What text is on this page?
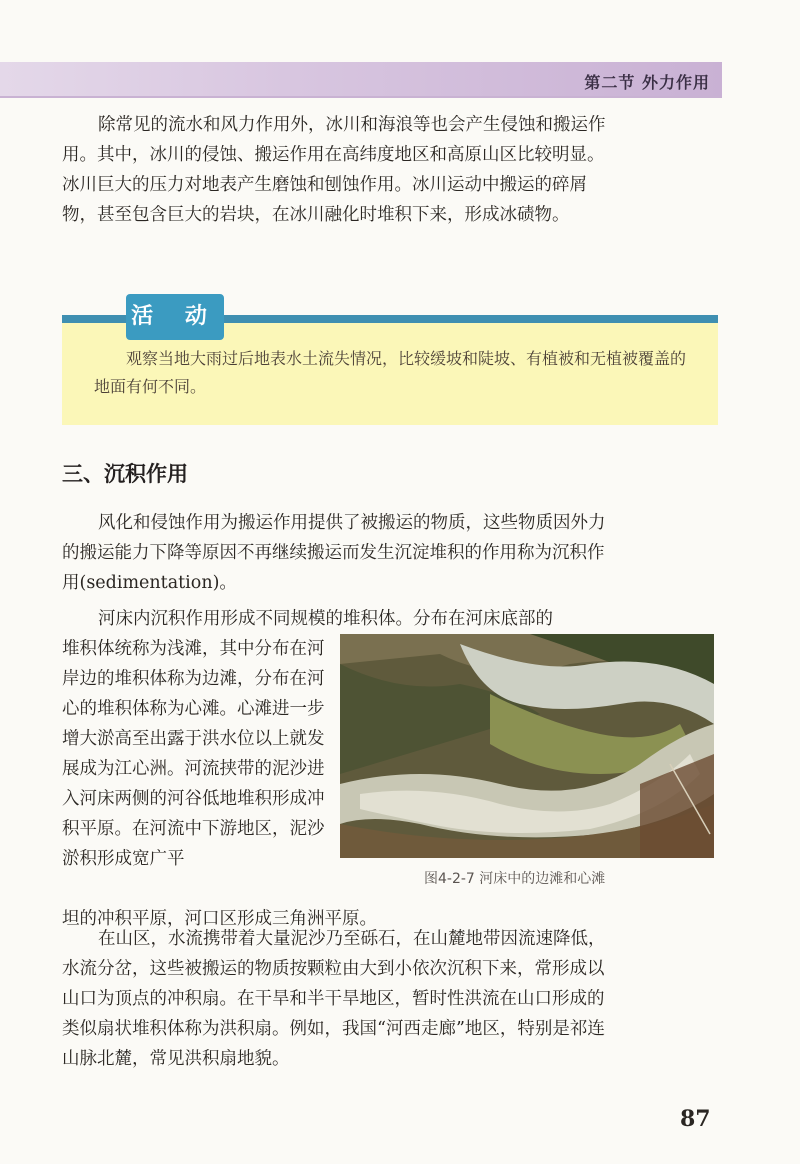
第二节 外力作用

除常见的流水和风力作用外，冰川和海浪等也会产生侵蚀和搬运作用。其中，冰川的侵蚀、搬运作用在高纬度地区和高原山区比较明显。冰川巨大的压力对地表产生磨蚀和刨蚀作用。冰川运动中搬运的碎屑物，甚至包含巨大的岩块，在冰川融化时堆积下来，形成冰碛物。

活 动
观察当地大雨过后地表水土流失情况，比较缓坡和陡坡、有植被和无植被覆盖的地面有何不同。
三、沉积作用

风化和侵蚀作用为搬运作用提供了被搬运的物质，这些物质因外力的搬运能力下降等原因不再继续搬运而发生沉淀堆积的作用称为沉积作用(sedimentation)。

河床内沉积作用形成不同规模的堆积体。分布在河床底部的

堆积体统称为浅滩，其中分布在河岸边的堆积体称为边滩，分布在河心的堆积体称为心滩。心滩进一步增大淤高至出露于洪水位以上就发展成为江心洲。河流挟带的泥沙进入河床两侧的河谷低地堆积形成冲积平原。在河流中下游地区，泥沙淤积形成宽广平

图4-2-7 河床中的边滩和心滩

坦的冲积平原，河口区形成三角洲平原。

在山区，水流携带着大量泥沙乃至砾石，在山麓地带因流速降低，水流分岔，这些被搬运的物质按颗粒由大到小依次沉积下来，常形成以山口为顶点的冲积扇。在干旱和半干旱地区，暂时性洪流在山口形成的类似扇状堆积体称为洪积扇。例如，我国“河西走廊”地区，特别是祁连山脉北麓，常见洪积扇地貌。

87
